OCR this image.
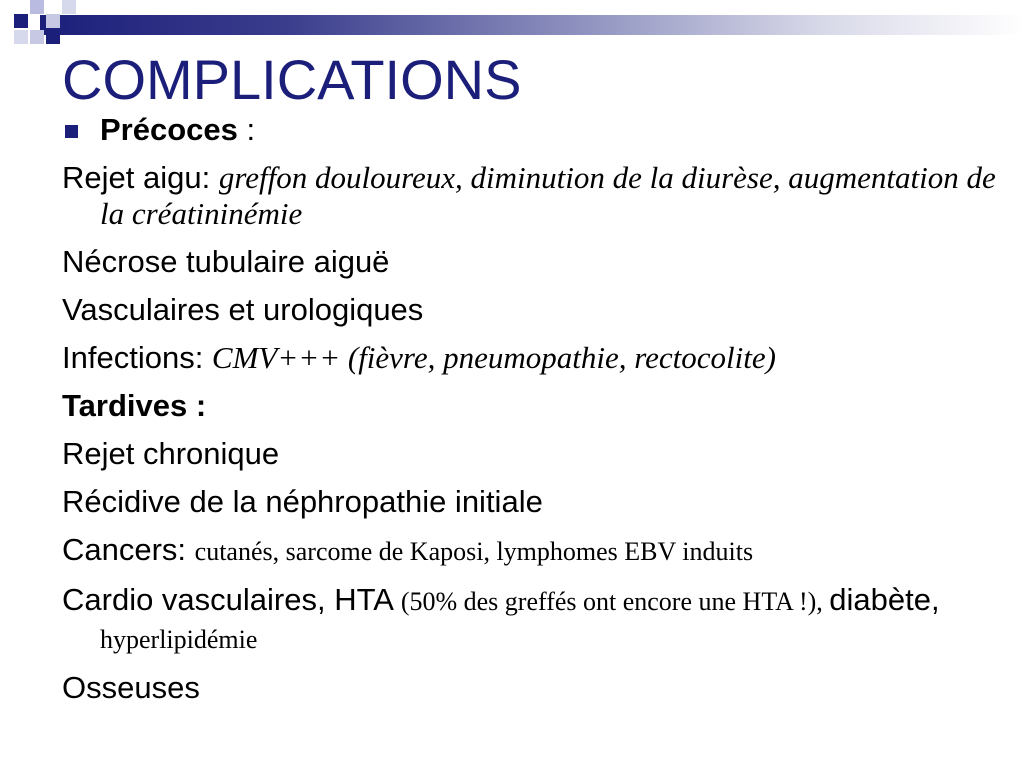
COMPLICATIONS
Précoces :
Rejet aigu: greffon douloureux, diminution de la diurèse, augmentation de la créatininémie
Nécrose tubulaire aiguë
Vasculaires et urologiques
Infections: CMV+++ (fièvre, pneumopathie, rectocolite)
Tardives :
Rejet chronique
Récidive de la néphropathie initiale
Cancers: cutanés, sarcome de Kaposi, lymphomes EBV induits
Cardio vasculaires, HTA (50% des greffés ont encore une HTA !), diabète, hyperlipidémie
Osseuses
